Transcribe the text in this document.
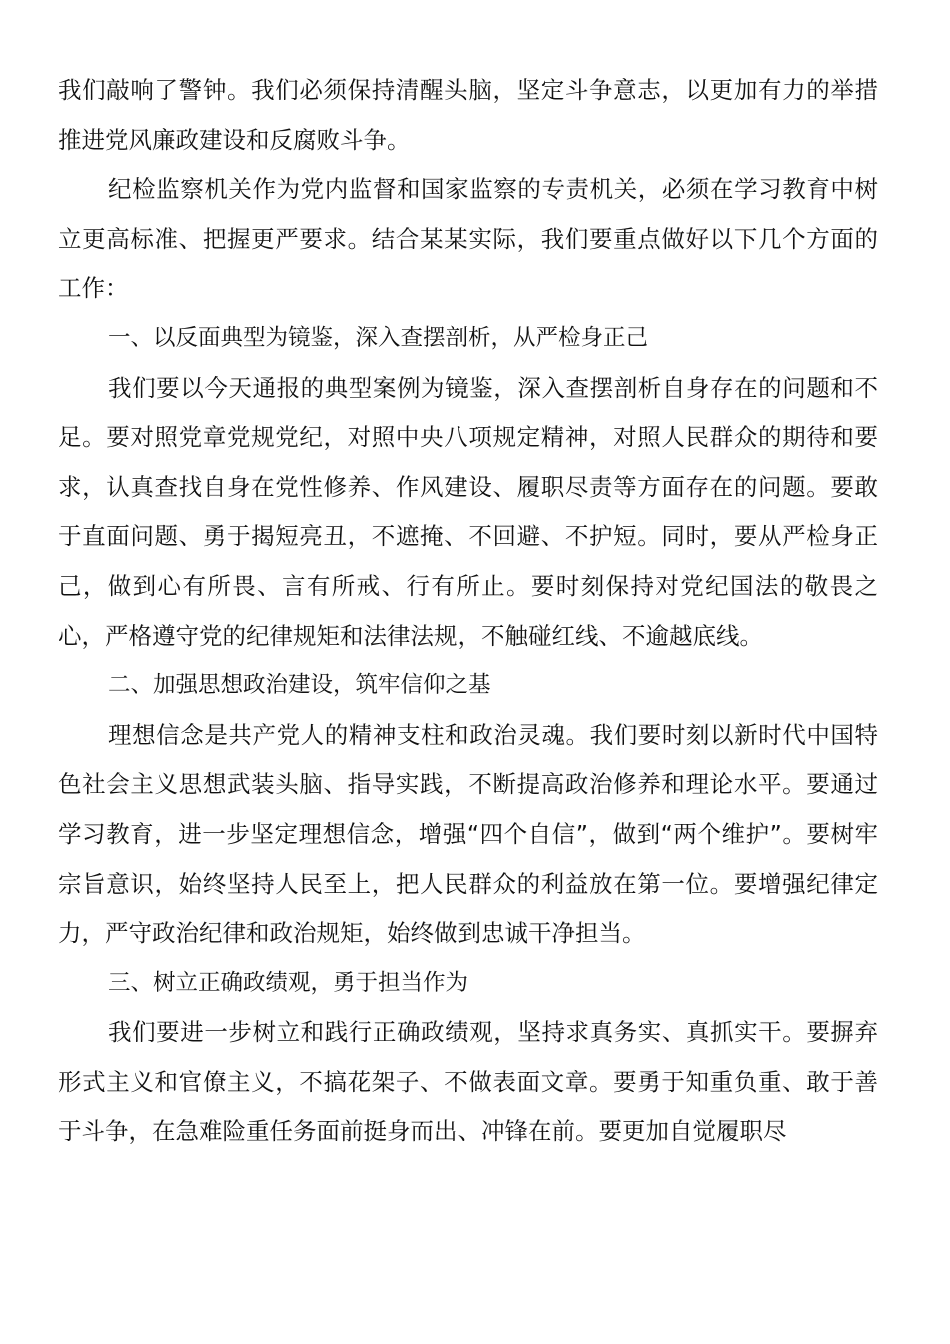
我们敲响了警钟。我们必须保持清醒头脑，坚定斗争意志，以更加有力的举措推进党风廉政建设和反腐败斗争。

纪检监察机关作为党内监督和国家监察的专责机关，必须在学习教育中树立更高标准、把握更严要求。结合某某实际，我们要重点做好以下几个方面的工作：

一、以反面典型为镜鉴，深入查摆剖析，从严检身正己

我们要以今天通报的典型案例为镜鉴，深入查摆剖析自身存在的问题和不足。要对照党章党规党纪，对照中央八项规定精神，对照人民群众的期待和要求，认真查找自身在党性修养、作风建设、履职尽责等方面存在的问题。要敢于直面问题、勇于揭短亮丑，不遮掩、不回避、不护短。同时，要从严检身正己，做到心有所畏、言有所戒、行有所止。要时刻保持对党纪国法的敬畏之心，严格遵守党的纪律规矩和法律法规，不触碰红线、不逾越底线。

二、加强思想政治建设，筑牢信仰之基

理想信念是共产党人的精神支柱和政治灵魂。我们要时刻以新时代中国特色社会主义思想武装头脑、指导实践，不断提高政治修养和理论水平。要通过学习教育，进一步坚定理想信念，增强“四个自信”，做到“两个维护”。要树牢宗旨意识，始终坚持人民至上，把人民群众的利益放在第一位。要增强纪律定力，严守政治纪律和政治规矩，始终做到忠诚干净担当。

三、树立正确政绩观，勇于担当作为

我们要进一步树立和践行正确政绩观，坚持求真务实、真抓实干。要摒弃形式主义和官僚主义，不搞花架子、不做表面文章。要勇于知重负重、敢于善于斗争，在急难险重任务面前挺身而出、冲锋在前。要更加自觉履职尽
